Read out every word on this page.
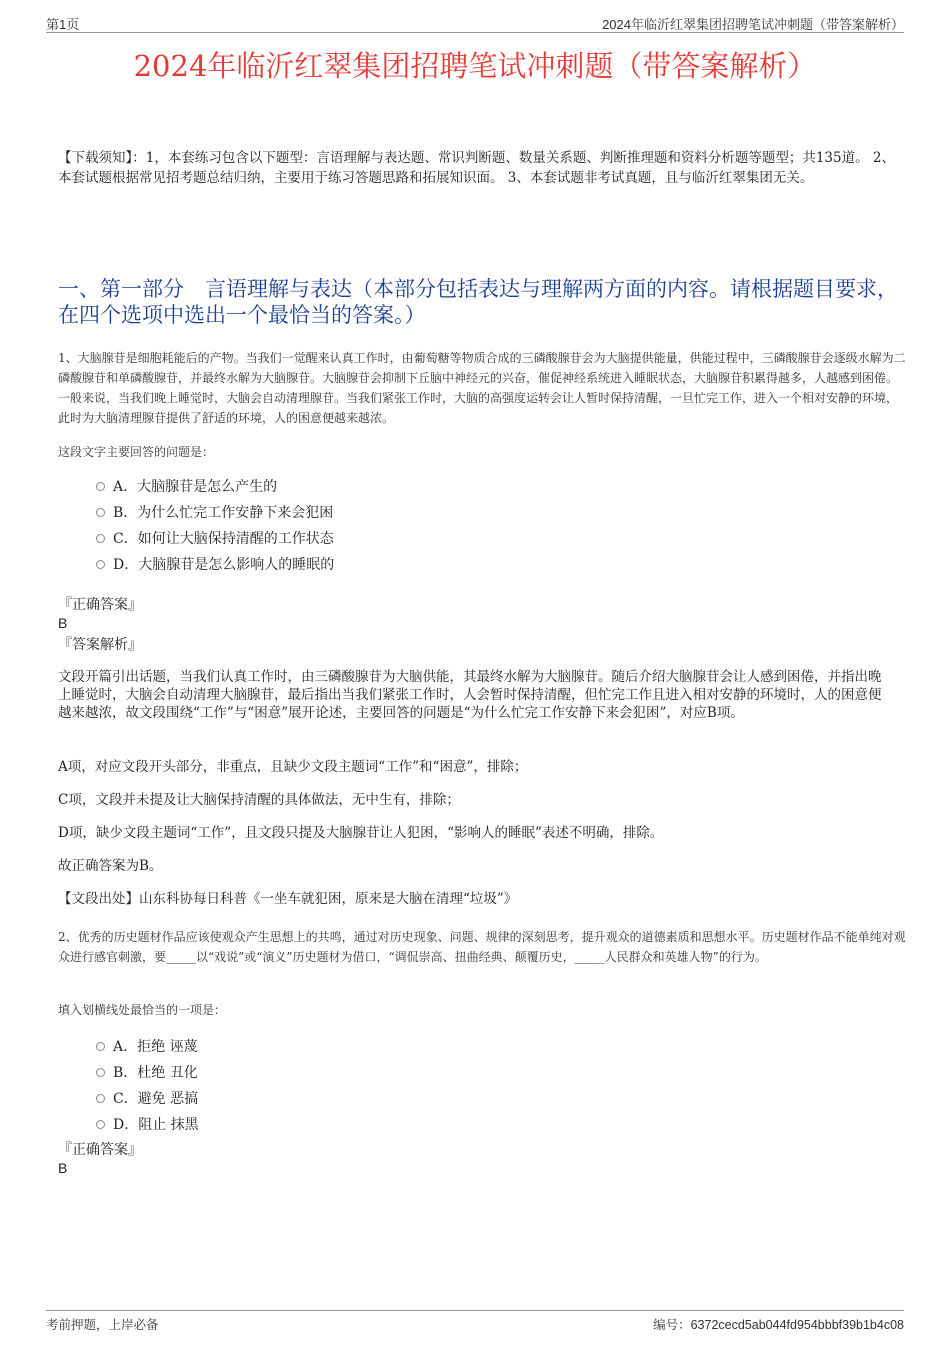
第1页	2024年临沂红翠集团招聘笔试冲刺题（带答案解析）
2024年临沂红翠集团招聘笔试冲刺题（带答案解析）
【下载须知】：1，本套练习包含以下题型：言语理解与表达题、常识判断题、数量关系题、判断推理题和资料分析题等题型；共135道。 2、本套试题根据常见招考题总结归纳，主要用于练习答题思路和拓展知识面。 3、本套试题非考试真题，且与临沂红翠集团无关。
一、第一部分　言语理解与表达（本部分包括表达与理解两方面的内容。请根据题目要求，在四个选项中选出一个最恰当的答案。）
1、大脑腺苷是细胞耗能后的产物。当我们一觉醒来认真工作时，由葡萄糖等物质合成的三磷酸腺苷会为大脑提供能量，供能过程中，三磷酸腺苷会逐级水解为二磷酸腺苷和单磷酸腺苷，并最终水解为大脑腺苷。大脑腺苷会抑制下丘脑中神经元的兴奋，催促神经系统进入睡眠状态，大脑腺苷积累得越多，人越感到困倦。一般来说，当我们晚上睡觉时，大脑会自动清理腺苷。当我们紧张工作时，大脑的高强度运转会让人暂时保持清醒，一旦忙完工作，进入一个相对安静的环境，此时为大脑清理腺苷提供了舒适的环境，人的困意便越来越浓。
这段文字主要回答的问题是：
A．大脑腺苷是怎么产生的
B．为什么忙完工作安静下来会犯困
C．如何让大脑保持清醒的工作状态
D．大脑腺苷是怎么影响人的睡眠的
『正确答案』
B
『答案解析』
文段开篇引出话题，当我们认真工作时，由三磷酸腺苷为大脑供能，其最终水解为大脑腺苷。随后介绍大脑腺苷会让人感到困倦，并指出晚上睡觉时，大脑会自动清理大脑腺苷，最后指出当我们紧张工作时，人会暂时保持清醒，但忙完工作且进入相对安静的环境时，人的困意便越来越浓，故文段围绕“工作”与“困意”展开论述，主要回答的问题是“为什么忙完工作安静下来会犯困”，对应B项。
A项，对应文段开头部分，非重点，且缺少文段主题词“工作”和“困意”，排除；
C项，文段并未提及让大脑保持清醒的具体做法，无中生有，排除；
D项，缺少文段主题词“工作”，且文段只提及大脑腺苷让人犯困，“影响人的睡眠”表述不明确，排除。
故正确答案为B。
【文段出处】山东科协每日科普《一坐车就犯困，原来是大脑在清理“垃圾”》
2、优秀的历史题材作品应该使观众产生思想上的共鸣，通过对历史现象、问题、规律的深刻思考，提升观众的道德素质和思想水平。历史题材作品不能单纯对观众进行感官刺激，要_____以“戏说”或“演义”历史题材为借口，“调侃崇高、扭曲经典、颠覆历史，_____人民群众和英雄人物”的行为。
填入划横线处最恰当的一项是：
A．拒绝 诬蔑
B．杜绝 丑化
C．避免 恶搞
D．阻止 抹黑
『正确答案』
B
考前押题，上岸必备	编号：6372cecd5ab044fd954bbbf39b1b4c08
